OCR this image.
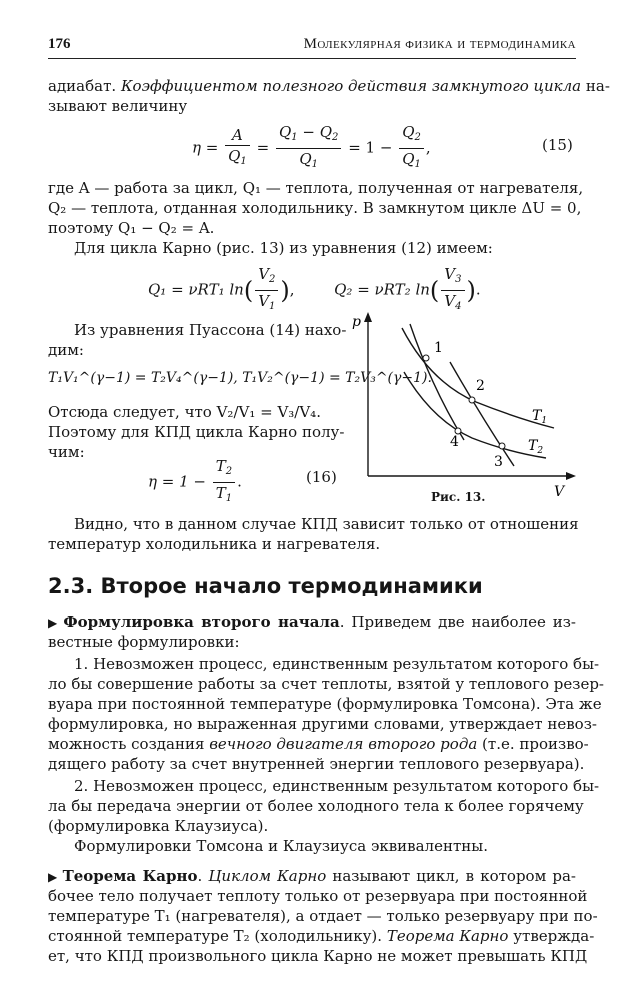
176	Молекулярная физика и термодинамика
адиабат. Коэффициентом полезного действия замкнутого цикла на-
зывают величину
$\eta = \frac{A}{Q_1} = \frac{Q_1 - Q_2}{Q_1} = 1 - \frac{Q_2}{Q_1}$ ,	(15)
где A — работа за цикл, Q₁ — теплота, полученная от нагревателя,
Q₂ — теплота, отданная холодильнику. В замкнутом цикле ΔU = 0,
поэтому Q₁ − Q₂ = A.
Для цикла Карно (рис. 13) из уравнения (12) имеем:
Q₁ = νRT₁ $\ln( \frac{V_2}{V_1}$ ),  Q₂ = νRT₂ $\ln( \frac{V_3}{V_4}$ ).
Из уравнения Пуассона (14) нахо-
дим:
T₁V₁^(γ−1) = T₂V₄^(γ−1), T₁V₂^(γ−1) = T₂V₃^(γ−1).
Отсюда следует, что V₂/V₁ = V₃/V₄.
Поэтому для КПД цикла Карно полу-
чим:
$\eta = 1 - \frac{T_2}{T_1}$ .	(16)
p
V
1
2
3
4
$T_1$
$T_2$
Рис. 13.
Видно, что в данном случае КПД зависит только от отношения
температур холодильника и нагревателя.
2.3. Второе начало термодинамики
▶ Формулировка второго начала. Приведем две наиболее из-
вестные формулировки:
1. Невозможен процесс, единственным результатом которого бы-
ло бы совершение работы за счет теплоты, взятой у теплового резер-
вуара при постоянной температуре (формулировка Томсона). Эта же
формулировка, но выраженная другими словами, утверждает невоз-
можность создания вечного двигателя второго рода (т.е. произво-
дящего работу за счет внутренней энергии теплового резервуара).
2. Невозможен процесс, единственным результатом которого бы-
ла бы передача энергии от более холодного тела к более горячему
(формулировка Клаузиуса).
Формулировки Томсона и Клаузиуса эквивалентны.
▶ Теорема Карно. Циклом Карно называют цикл, в котором ра-
бочее тело получает теплоту только от резервуара при постоянной
температуре T₁ (нагревателя), а отдает — только резервуару при по-
стоянной температуре T₂ (холодильнику). Теорема Карно утвержда-
ет, что КПД произвольного цикла Карно не может превышать КПД
